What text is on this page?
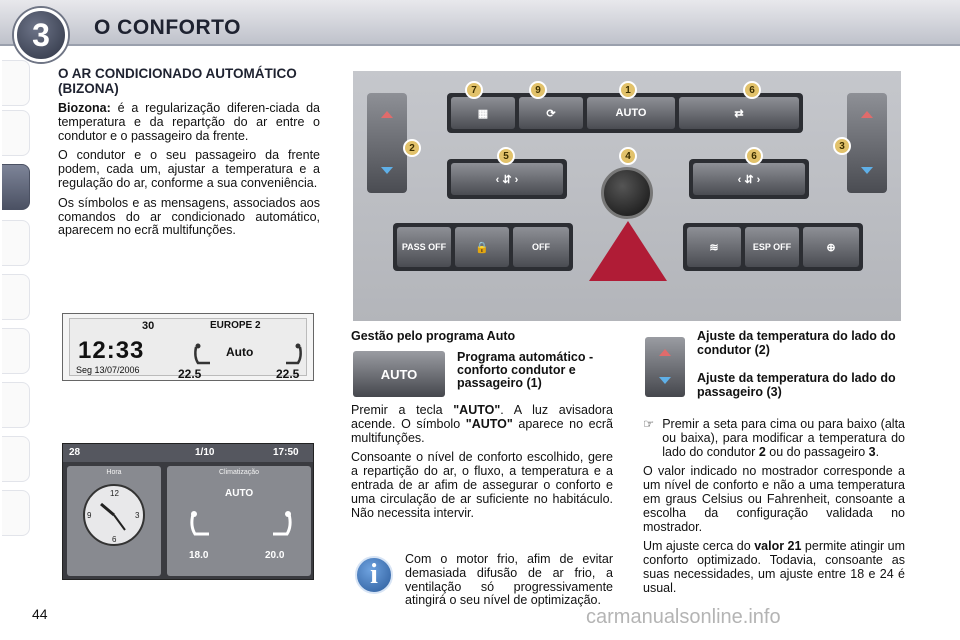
3 O CONFORTO
O AR CONDICIONADO AUTOMÁTICO (BIZONA)

Biozona: é a regularização diferen-ciada da temperatura e da repartção do ar entre o condutor e o passageiro da frente.

O condutor e o seu passageiro da frente podem, cada um, ajustar a temperatura e a regulação do ar, conforme a sua conveniência.

Os símbolos e as mensagens, associados aos comandos do ar condicionado automático, aparecem no ecrã multifunções.

30	EUROPE 2
12:33
Seg 13/07/2006
Auto
22.5	22.5
28	1/10	17:50
Hora
12
3
6
9
Climatização
AUTO
18.0	20.0
▦	⟳	AUTO	⇄
‹ ⇵ ›	‹ ⇵ ›
PASS OFF	🔒	OFF	≋	ESP OFF	⊕
7	9	1	6
2
5	4	6
3
Gestão pelo programa Auto
AUTO
Programa automático - conforto condutor e passageiro (1)

Premir a tecla "AUTO". A luz avisadora acende. O símbolo "AUTO" aparece no ecrã multifunções.

Consoante o nível de conforto escolhido, gere a repartição do ar, o fluxo, a temperatura e a entrada de ar afim de assegurar o conforto e uma circulação de ar suficiente no habitáculo. Não necessita intervir.

Ajuste da temperatura do lado do condutor (2)
Ajuste da temperatura do lado do passageiro (3)
☞ Premir a seta para cima ou para baixo (alta ou baixa), para modificar a temperatura do lado do condutor 2 ou do passageiro 3.

O valor indicado no mostrador corresponde a um nível de conforto e não a uma temperatura em graus Celsius ou Fahrenheit, consoante a escolha da configuração validada no mostrador.

Um ajuste cerca do valor 21 permite atingir um conforto optimizado. Todavia, consoante as suas necessidades, um ajuste entre 18 e 24 é usual.

i	Com o motor frio, afim de evitar demasiada difusão de ar frio, a ventilação só progressivamente atingirá o seu nível de optimização.
44	carmanualsonline.info
